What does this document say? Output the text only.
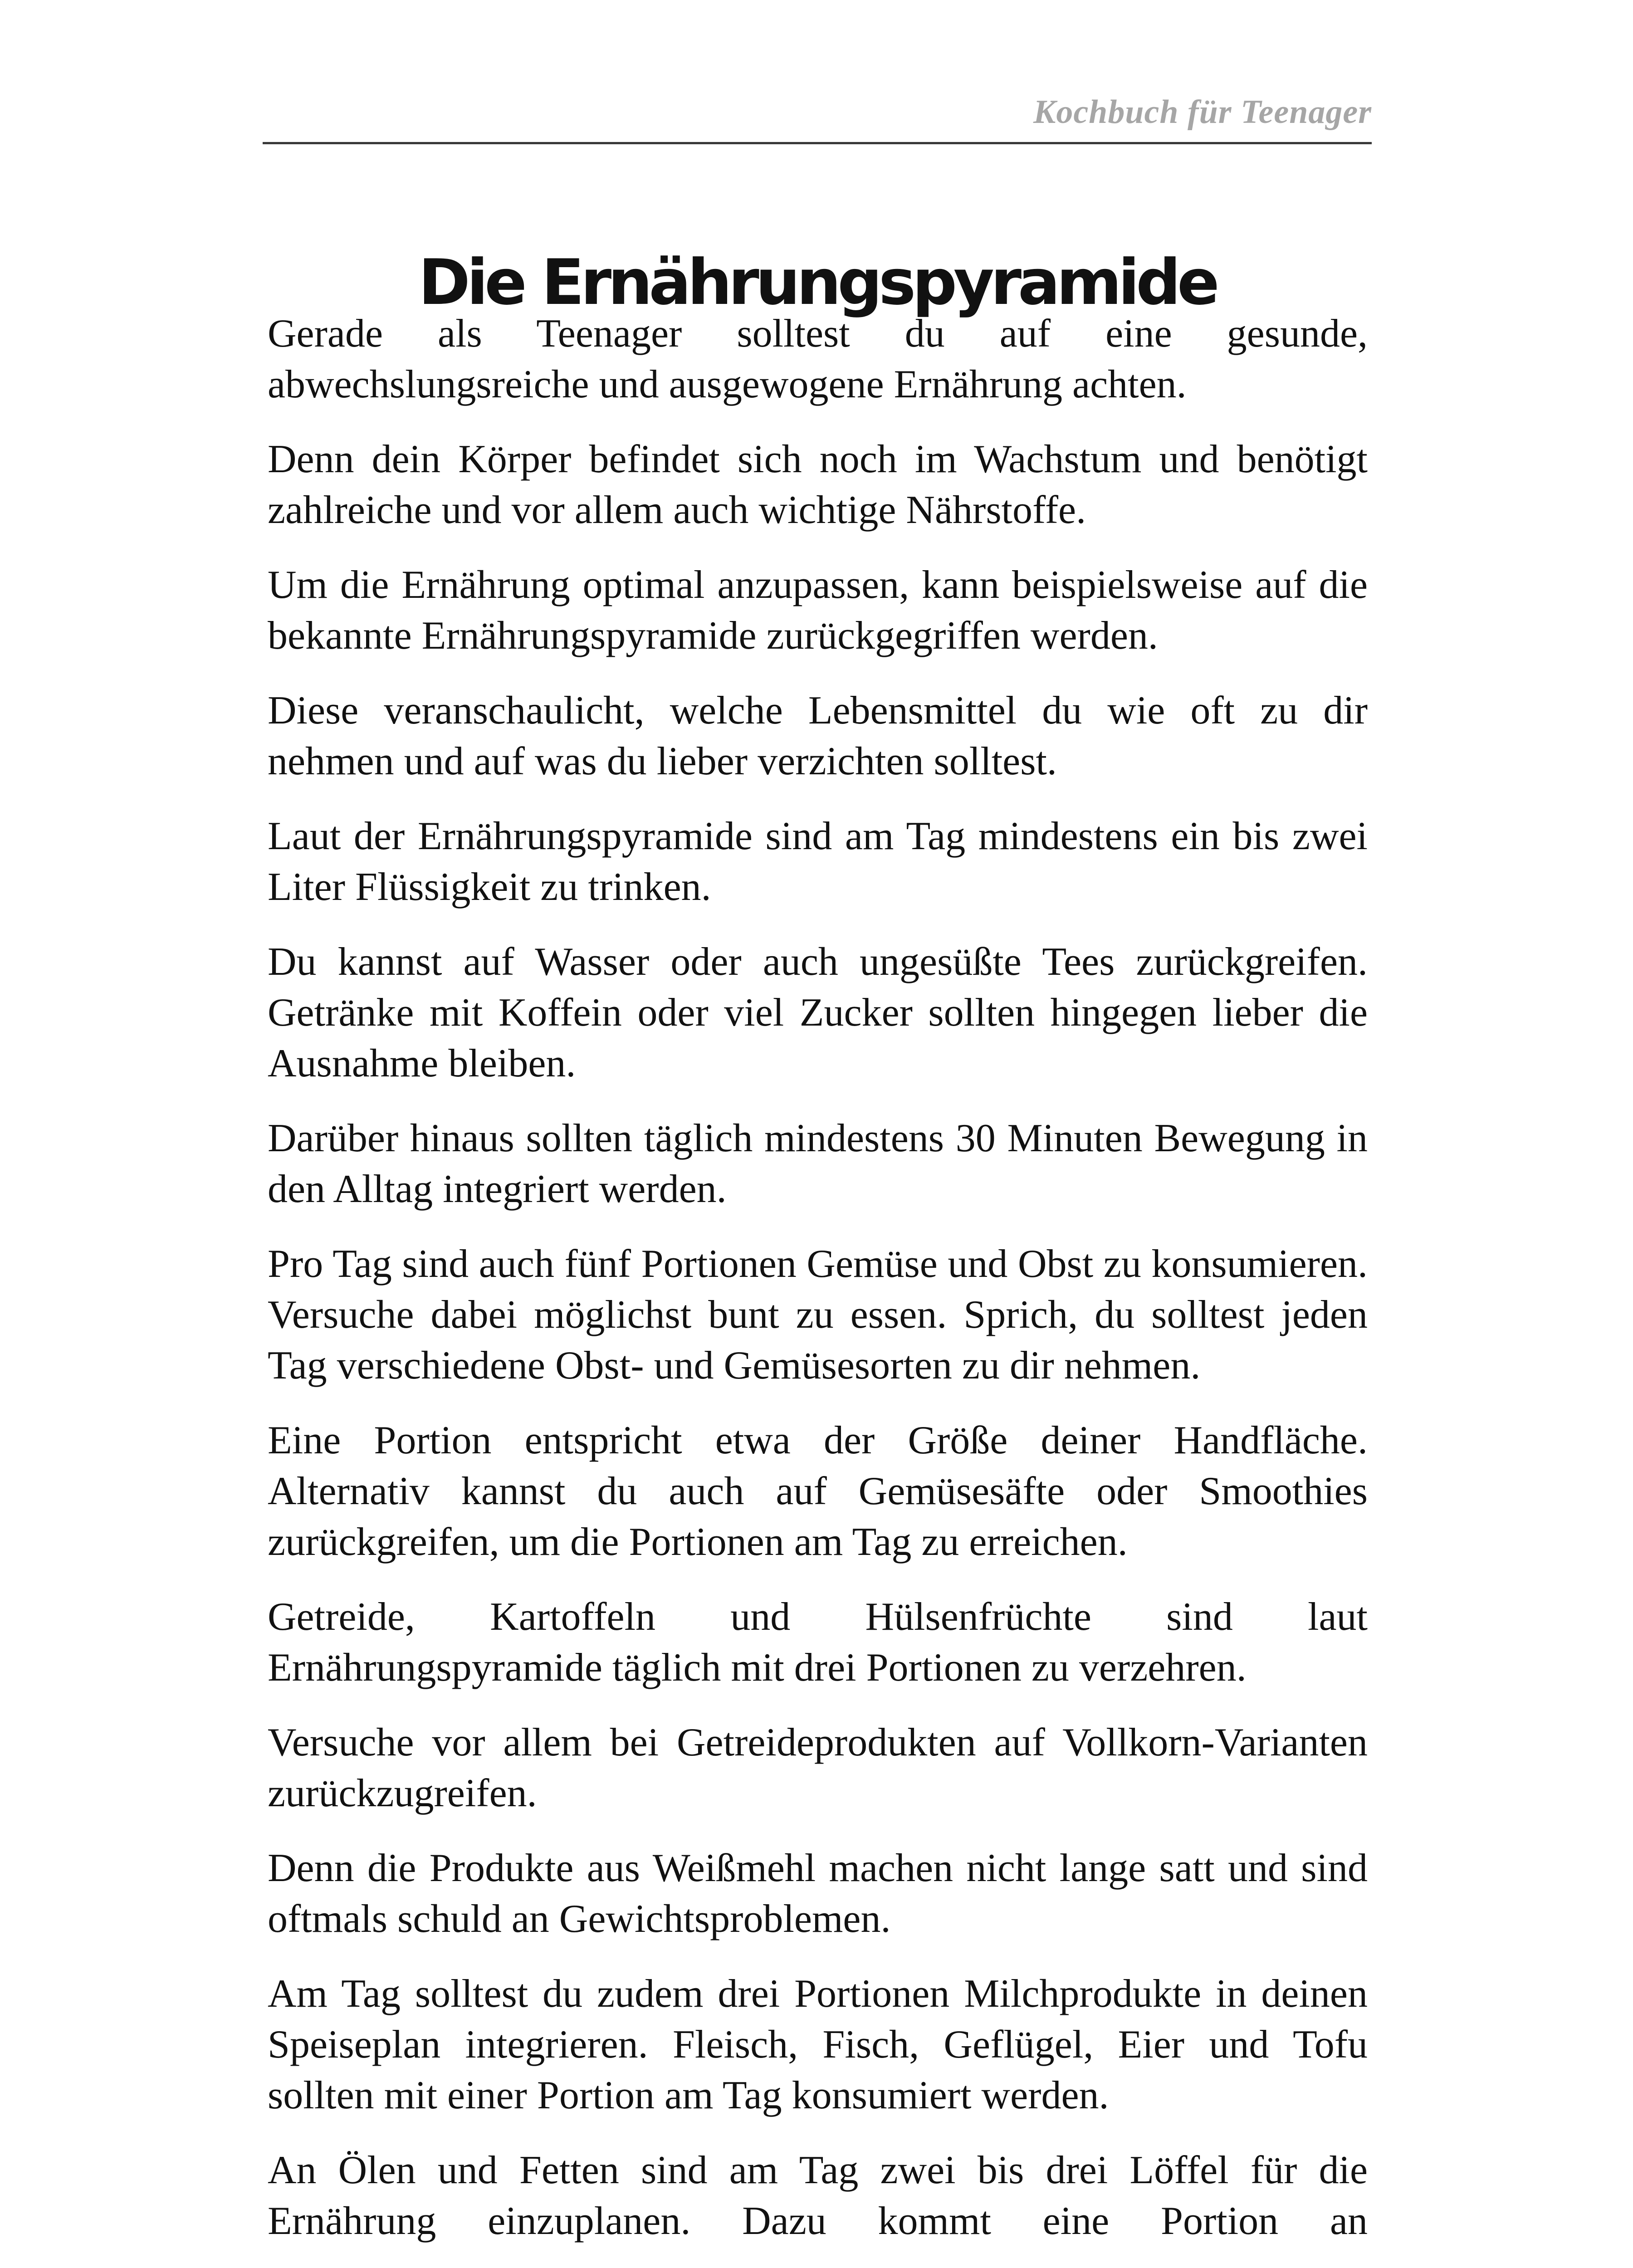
Kochbuch für Teenager
Die Ernährungspyramide

Gerade als Teenager solltest du auf eine gesunde, abwechslungsreiche und ausgewogene Ernährung achten.

Denn dein Körper befindet sich noch im Wachstum und benötigt zahlreiche und vor allem auch wichtige Nährstoffe.

Um die Ernährung optimal anzupassen, kann beispielsweise auf die bekannte Ernährungspyramide zurückgegriffen werden.

Diese veranschaulicht, welche Lebensmittel du wie oft zu dir nehmen und auf was du lieber verzichten solltest.

Laut der Ernährungspyramide sind am Tag mindestens ein bis zwei Liter Flüssigkeit zu trinken.

Du kannst auf Wasser oder auch ungesüßte Tees zurückgreifen. Getränke mit Koffein oder viel Zucker sollten hingegen lieber die Ausnahme bleiben.

Darüber hinaus sollten täglich mindestens 30 Minuten Bewegung in den Alltag integriert werden.

Pro Tag sind auch fünf Portionen Gemüse und Obst zu konsumieren. Versuche dabei möglichst bunt zu essen. Sprich, du solltest jeden Tag verschiedene Obst- und Gemüsesorten zu dir nehmen.

Eine Portion entspricht etwa der Größe deiner Handfläche. Alternativ kannst du auch auf Gemüsesäfte oder Smoothies zurückgreifen, um die Portionen am Tag zu erreichen.

Getreide, Kartoffeln und Hülsenfrüchte sind laut Ernährungspyramide täglich mit drei Portionen zu verzehren.

Versuche vor allem bei Getreideprodukten auf Vollkorn-Varianten zurückzugreifen.

Denn die Produkte aus Weißmehl machen nicht lange satt und sind oftmals schuld an Gewichtsproblemen.

Am Tag solltest du zudem drei Portionen Milchprodukte in deinen Speiseplan integrieren. Fleisch, Fisch, Geflügel, Eier und Tofu sollten mit einer Portion am Tag konsumiert werden.

An Ölen und Fetten sind am Tag zwei bis drei Löffel für die Ernährung einzuplanen. Dazu kommt eine Portion an
